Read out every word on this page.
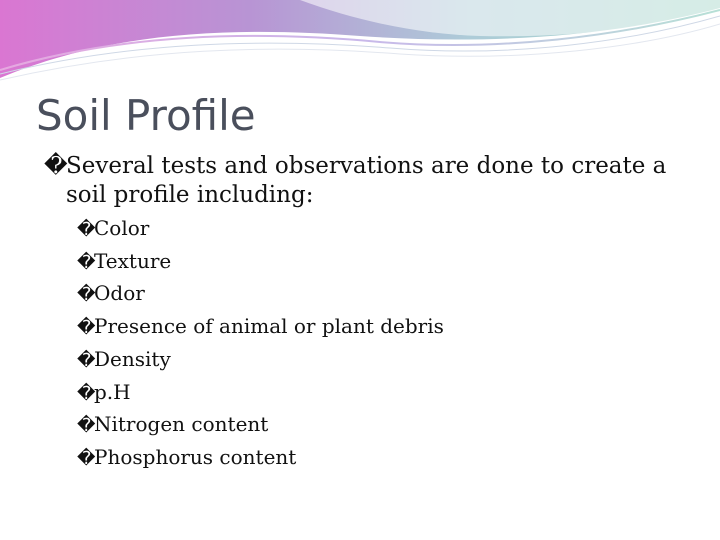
Soil Profile

�
Several tests and observations are done to create a soil profile including:

�Color
�Texture
�Odor
�Presence of animal or plant debris
�Density
�p.H
�Nitrogen content
�Phosphorus content
